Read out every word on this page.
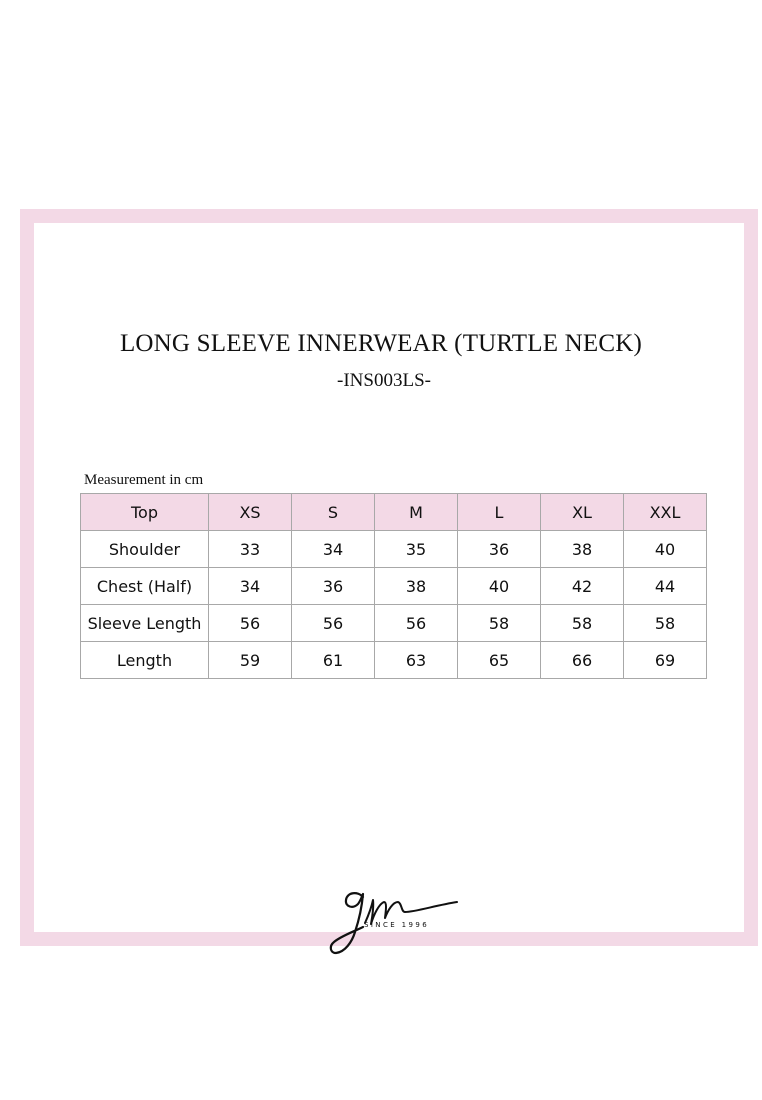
LONG SLEEVE INNERWEAR (TURTLE NECK)

-INS003LS-

Measurement in cm
Top	XS	S	M	L	XL	XXL
Shoulder	33	34	35	36	38	40
Chest (Half)	34	36	38	40	42	44
Sleeve Length	56	56	56	58	58	58
Length	59	61	63	65	66	69
SINCE 1996
